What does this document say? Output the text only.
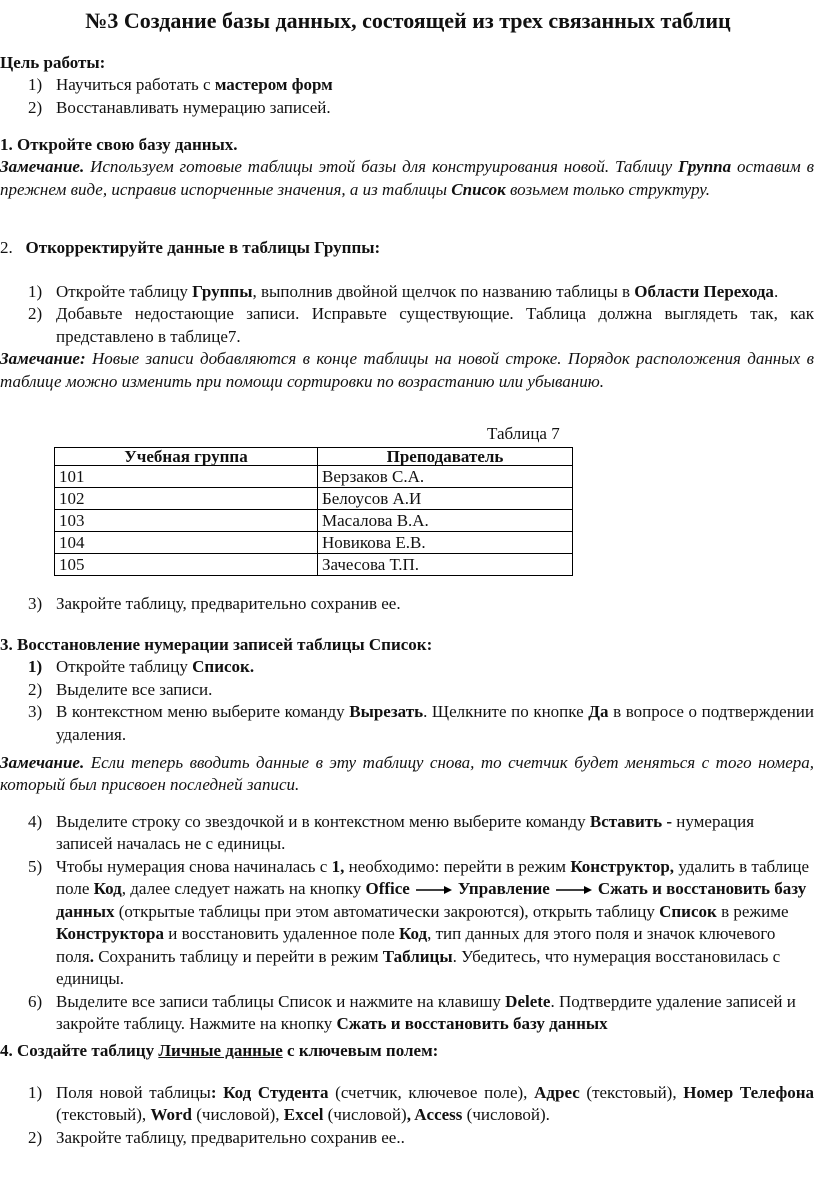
№3 Создание базы данных, состоящей из трех связанных таблиц
Цель работы:
1) Научиться работать с мастером форм
2) Восстанавливать нумерацию записей.
1. Откройте свою базу данных.
Замечание. Используем готовые таблицы этой базы для конструирования новой. Таблицу Группа оставим в прежнем виде, исправив испорченные значения, а из таблицы Список возьмем только структуру.
2. Откорректируйте данные в таблицы Группы:
1) Откройте таблицу Группы, выполнив двойной щелчок по названию таблицы в Области Перехода.
2) Добавьте недостающие записи. Исправьте существующие. Таблица должна выглядеть так, как представлено в таблице7.
Замечание: Новые записи добавляются в конце таблицы на новой строке. Порядок расположения данных в таблице можно изменить при помощи сортировки по возрастанию или убыванию.
Таблица 7
Учебная группа	Преподаватель
101	Верзаков С.А.
102	Белоусов А.И
103	Масалова В.А.
104	Новикова Е.В.
105	Зачесова Т.П.
3) Закройте таблицу, предварительно сохранив ее.
3. Восстановление нумерации записей таблицы Список:
1) Откройте таблицу Список.
2) Выделите все записи.
3) В контекстном меню выберите команду Вырезать. Щелкните по кнопке Да в вопросе о подтверждении удаления.
Замечание. Если теперь вводить данные в эту таблицу снова, то счетчик будет меняться с того номера, который был присвоен последней записи.
4) Выделите строку со звездочкой и в контекстном меню выберите команду Вставить - нумерация записей началась не с единицы.
5) Чтобы нумерация снова начиналась с 1, необходимо: перейти в режим Конструктор, удалить в таблице поле Код, далее следует нажать на кнопку Office	Управление	Сжать и восстановить базу данных (открытые таблицы при этом автоматически закроются), открыть таблицу Список в режиме Конструктора и восстановить удаленное поле Код, тип данных для этого поля и значок ключевого поля. Сохранить таблицу и перейти в режим Таблицы. Убедитесь, что нумерация восстановилась с единицы.
6) Выделите все записи таблицы Список и нажмите на клавишу Delete. Подтвердите удаление записей и закройте таблицу. Нажмите на кнопку Сжать и восстановить базу данных
4. Создайте таблицу Личные данные с ключевым полем:
1) Поля новой таблицы: Код Студента (счетчик, ключевое поле), Адрес (текстовый), Номер Телефона (текстовый), Word (числовой), Excel (числовой), Access (числовой).
2) Закройте таблицу, предварительно сохранив ее..
